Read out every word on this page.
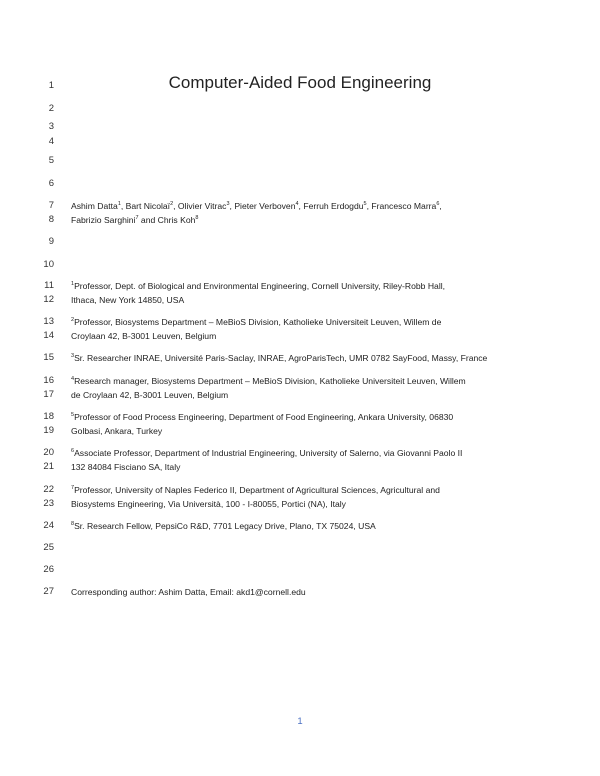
1
2
3
4
5
6
7
8
9
10
11
12
13
14
15
16
17
18
19
20
21
22
23
24
25
26
27
Computer-Aided Food Engineering
Ashim Datta$^1$, Bart Nicolaï$^2$, Olivier Vitrac$^3$, Pieter Verboven$^4$, Ferruh Erdogdu$^5$, Francesco Marra$^6$,
Fabrizio Sarghini$^7$ and Chris Koh$^8$
$^1$Professor, Dept. of Biological and Environmental Engineering, Cornell University, Riley-Robb Hall,
Ithaca, New York 14850, USA
$^2$Professor, Biosystems Department – MeBioS Division, Katholieke Universiteit Leuven, Willem de
Croylaan 42, B-3001 Leuven, Belgium
$^3$Sr. Researcher INRAE, Université Paris-Saclay, INRAE, AgroParisTech, UMR 0782 SayFood, Massy, France
$^4$Research manager, Biosystems Department – MeBioS Division, Katholieke Universiteit Leuven, Willem
de Croylaan 42, B-3001 Leuven, Belgium
$^5$Professor of Food Process Engineering, Department of Food Engineering, Ankara University, 06830
Golbasi, Ankara, Turkey
$^6$Associate Professor, Department of Industrial Engineering, University of Salerno, via Giovanni Paolo II
132 84084 Fisciano SA, Italy
$^7$Professor, University of Naples Federico II, Department of Agricultural Sciences, Agricultural and
Biosystems Engineering, Via Università, 100 - I-80055, Portici (NA), Italy
$^8$Sr. Research Fellow, PepsiCo R&D, 7701 Legacy Drive, Plano, TX 75024, USA
Corresponding author: Ashim Datta, Email: akd1@cornell.edu
1
